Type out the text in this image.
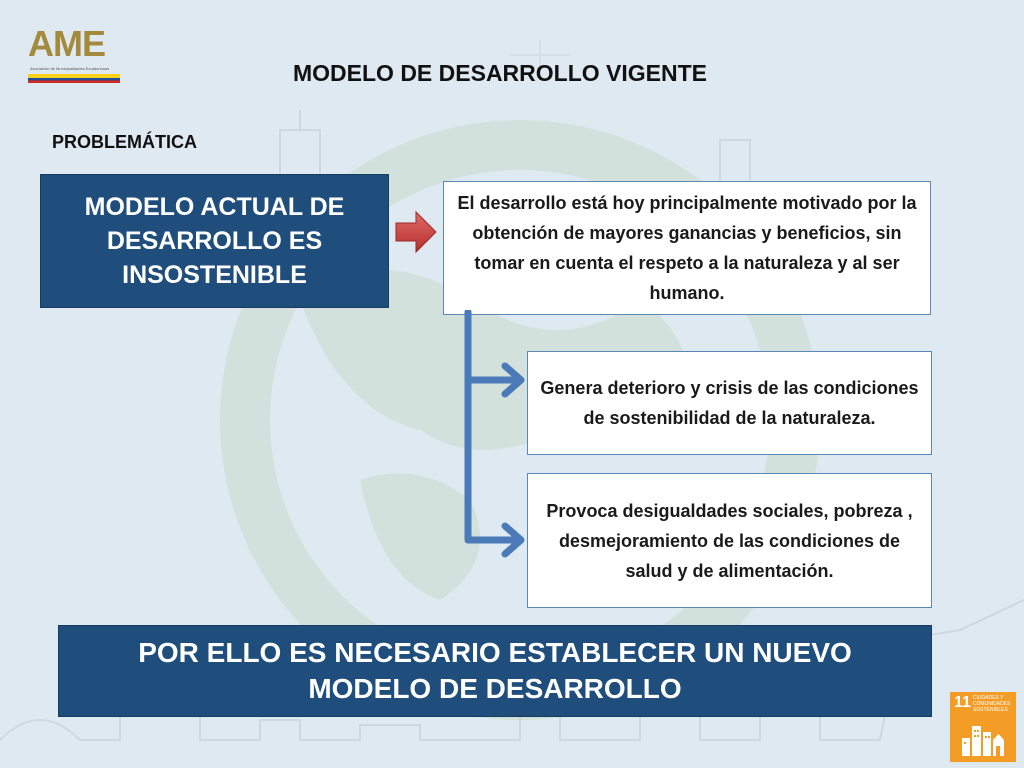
AME
Asociación de Municipalidades Ecuatorianas	MODELO DE DESARROLLO VIGENTE
PROBLEMÁTICA
MODELO ACTUAL DE DESARROLLO ES INSOSTENIBLE
El desarrollo está hoy principalmente motivado por la obtención de mayores ganancias y beneficios, sin tomar en cuenta el respeto a la naturaleza y al ser humano.
Genera deterioro y crisis de las condiciones de sostenibilidad de la naturaleza.
Provoca desigualdades sociales, pobreza , desmejoramiento de las condiciones de salud y de alimentación.
POR ELLO ES NECESARIO ESTABLECER UN NUEVO MODELO DE DESARROLLO	11 CIUDADES Y COMUNIDADES SOSTENIBLES
